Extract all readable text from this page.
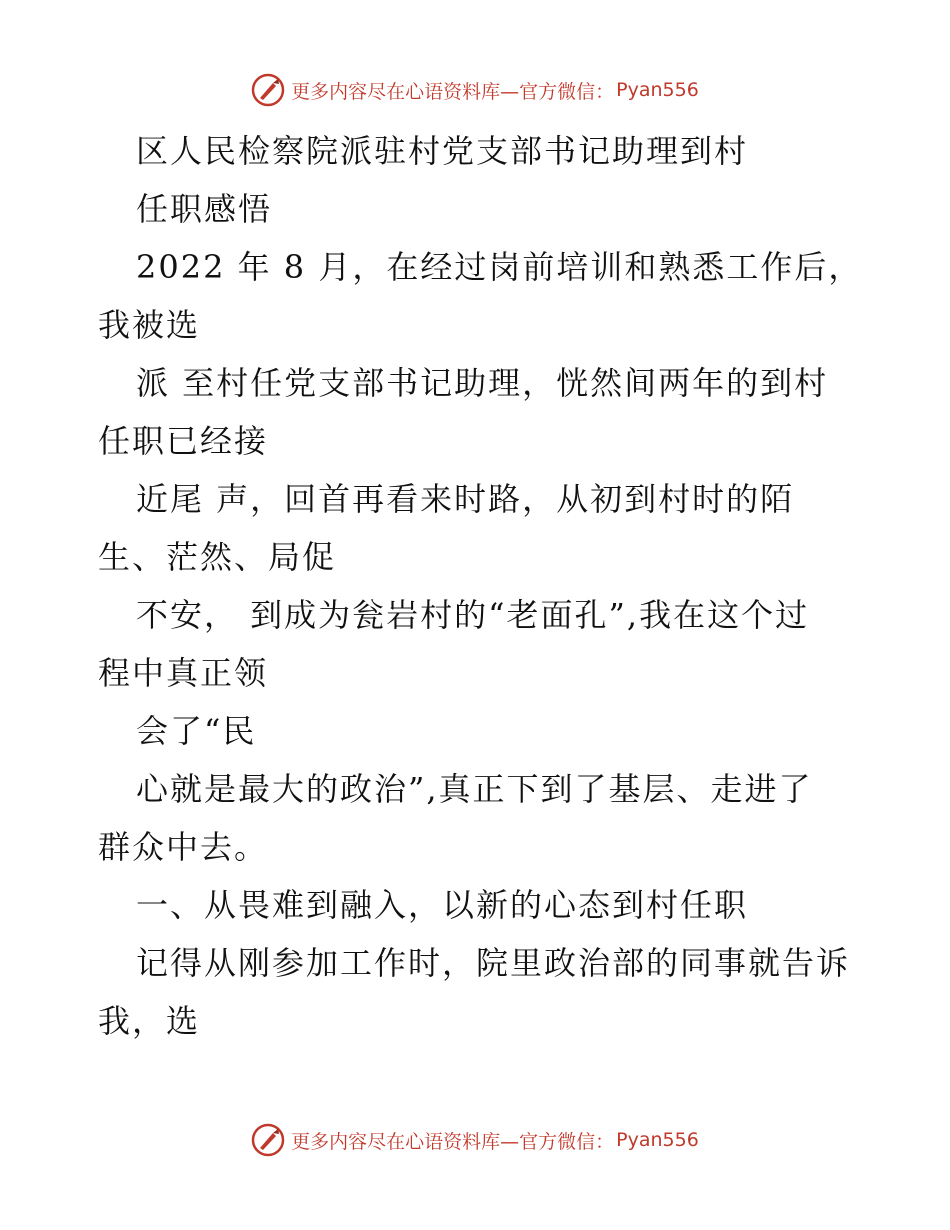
更多内容尽在心语资料库—官方微信： Pyan556
区人民检察院派驻村党支部书记助理到村
任职感悟
2022 年 8 月，在经过岗前培训和熟悉工作后，
我被选
派 至村任党支部书记助理，恍然间两年的到村
任职已经接
近尾 声，回首再看来时路，从初到村时的陌
生、茫然、局促
不安， 到成为瓮岩村的“老面孔”,我在这个过
程中真正领
会了“民
心就是最大的政治”,真正下到了基层、走进了
群众中去。
一、从畏难到融入，以新的心态到村任职
记得从刚参加工作时，院里政治部的同事就告诉
我，选
更多内容尽在心语资料库—官方微信： Pyan556
